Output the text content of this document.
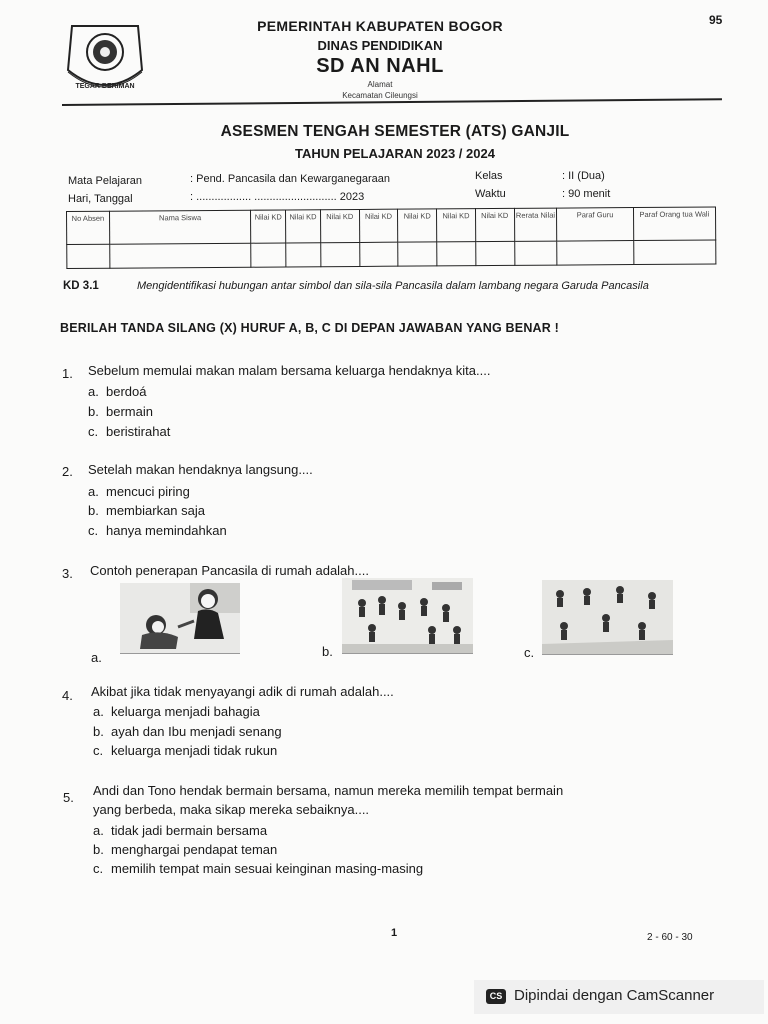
95
TEGAR BERIMAN
PEMERINTAH KABUPATEN BOGOR
DINAS PENDIDIKAN
SD AN NAHL
Alamat
Kecamatan Cileungsi
ASESMEN TENGAH SEMESTER (ATS) GANJIL
TAHUN PELAJARAN 2023 / 2024
Mata Pelajaran	: Pend. Pancasila dan Kewarganegaraan
Hari, Tanggal	: .................. ........................... 2023
Kelas	: II (Dua)
Waktu	: 90 menit
No Absen	Nama Siswa	Nilai KD	Nilai KD	Nilai KD	Nilai KD	Nilai KD	Nilai KD	Nilai KD	Rerata Nilai	Paraf Guru	Paraf Orang tua Wali

KD 3.1	Mengidentifikasi hubungan antar simbol dan sila-sila Pancasila dalam lambang negara Garuda Pancasila
BERILAH TANDA SILANG (X) HURUF A, B, C DI DEPAN JAWABAN YANG BENAR !
1. Sebelum memulai makan malam bersama keluarga hendaknya kita....
a. berdoá
b. bermain
c. beristirahat
2. Setelah makan hendaknya langsung....
a. mencuci piring
b. membiarkan saja
c. hanya memindahkan
3. Contoh penerapan Pancasila di rumah adalah....
a.	b.	c.
4. Akibat jika tidak menyayangi adik di rumah adalah....
a. keluarga menjadi bahagia
b. ayah dan Ibu menjadi senang
c. keluarga menjadi tidak rukun
5. Andi dan Tono hendak bermain bersama, namun mereka memilih tempat bermain
yang berbeda, maka sikap mereka sebaiknya....
a. tidak jadi bermain bersama
b. menghargai pendapat teman
c. memilih tempat main sesuai keinginan masing-masing
1	2 - 60 - 30
CS Dipindai dengan CamScanner
